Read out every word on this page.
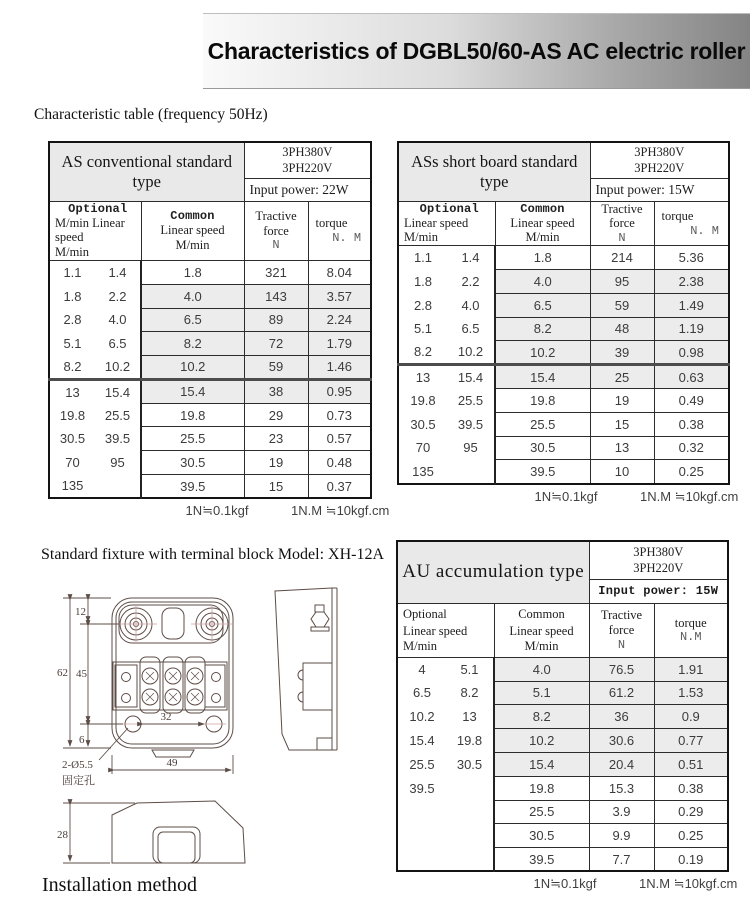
Characteristics of DGBL50/60-AS AC electric roller
Characteristic table (frequency 50Hz)
AS conventional standard type			3PH380V
3PH220V	

			Input power: 22W	

Optional
M/min Linear speed
M/min

Common
Linear speed
M/min

Tractive force
N

torque
N. M

1.1	1.4	1.8	321	8.04
1.8	2.2	4.0	143	3.57
2.8	4.0	6.5	89	2.24
5.1	6.5	8.2	72	1.79
8.2	10.2	10.2	59	1.46
13	15.4	15.4	38	0.95
19.8	25.5	19.8	29	0.73
30.5	39.5	25.5	23	0.57
70	95	30.5	19	0.48
135		39.5	15	0.37
1N≒0.1kgf	1N.M ≒10kgf.cm
ASs short board standard type			3PH380V
3PH220V	

			Input power: 15W	

Optional
Linear speed
M/min

Common
Linear speed M/min

Tractive force
N

torque
N. M

1.1	1.4	1.8	214	5.36
1.8	2.2	4.0	95	2.38
2.8	4.0	6.5	59	1.49
5.1	6.5	8.2	48	1.19
8.2	10.2	10.2	39	0.98
13	15.4	15.4	25	0.63
19.8	25.5	19.8	19	0.49
30.5	39.5	25.5	15	0.38
70	95	30.5	13	0.32
135		39.5	10	0.25
1N≒0.1kgf	1N.M ≒10kgf.cm
AU accumulation type			3PH380V
3PH220V	

			Input power: 15W	

Optional
Linear speed M/min

Common
Linear speed M/min

Tractive force
N

torque
N.M

4	5.1	4.0	76.5	1.91
6.5	8.2	5.1	61.2	1.53
10.2	13	8.2	36	0.9
15.4	19.8	10.2	30.6	0.77
25.5	30.5	15.4	20.4	0.51
39.5		19.8	15.3	0.38
		25.5	3.9	0.29
		30.5	9.9	0.25
		39.5	7.7	0.19
1N≒0.1kgf	1N.M ≒10kgf.cm
Standard fixture with terminal block Model: XH-12A
62 45
12
6
32
49
2-Ø5.5
固定孔
28
Installation method
